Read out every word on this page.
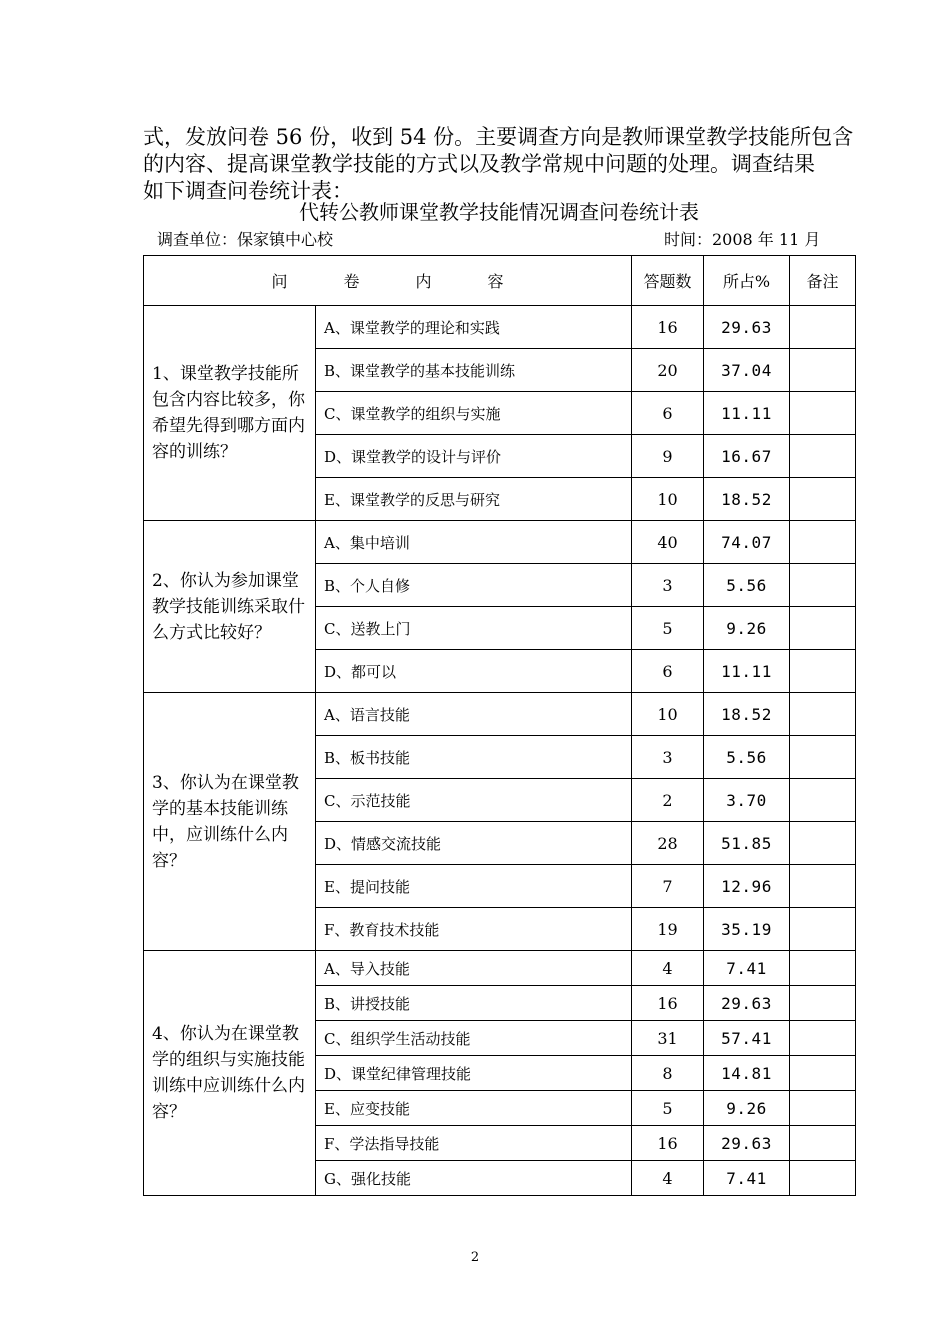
式，发放问卷 56 份，收到 54 份。主要调查方向是教师课堂教学技能所包含
的内容、提高课堂教学技能的方式以及教学常规中问题的处理。调查结果
如下调查问卷统计表：
代转公教师课堂教学技能情况调查问卷统计表
调查单位：保家镇中心校	时间：2008 年 11 月
问 卷 内 容		答题数	所占%	备注
1、课堂教学技能所包含内容比较多，你希望先得到哪方面内容的训练？	A、课堂教学的理论和实践	16	29.63	
	B、课堂教学的基本技能训练	20	37.04	
	C、课堂教学的组织与实施	6	11.11	
	D、课堂教学的设计与评价	9	16.67	
	E、课堂教学的反思与研究	10	18.52	
2、你认为参加课堂教学技能训练采取什么方式比较好？	A、集中培训	40	74.07	
	B、个人自修	3	5.56	
	C、送教上门	5	9.26	
	D、都可以	6	11.11	
3、你认为在课堂教学的基本技能训练中，应训练什么内容？	A、语言技能	10	18.52	
	B、板书技能	3	5.56	
	C、示范技能	2	3.70	
	D、情感交流技能	28	51.85	
	E、提问技能	7	12.96	
	F、教育技术技能	19	35.19	
4、你认为在课堂教学的组织与实施技能训练中应训练什么内容？	A、导入技能	4	7.41	
	B、讲授技能	16	29.63	
	C、组织学生活动技能	31	57.41	
	D、课堂纪律管理技能	8	14.81	
	E、应变技能	5	9.26	
	F、学法指导技能	16	29.63	
	G、强化技能	4	7.41	
2
